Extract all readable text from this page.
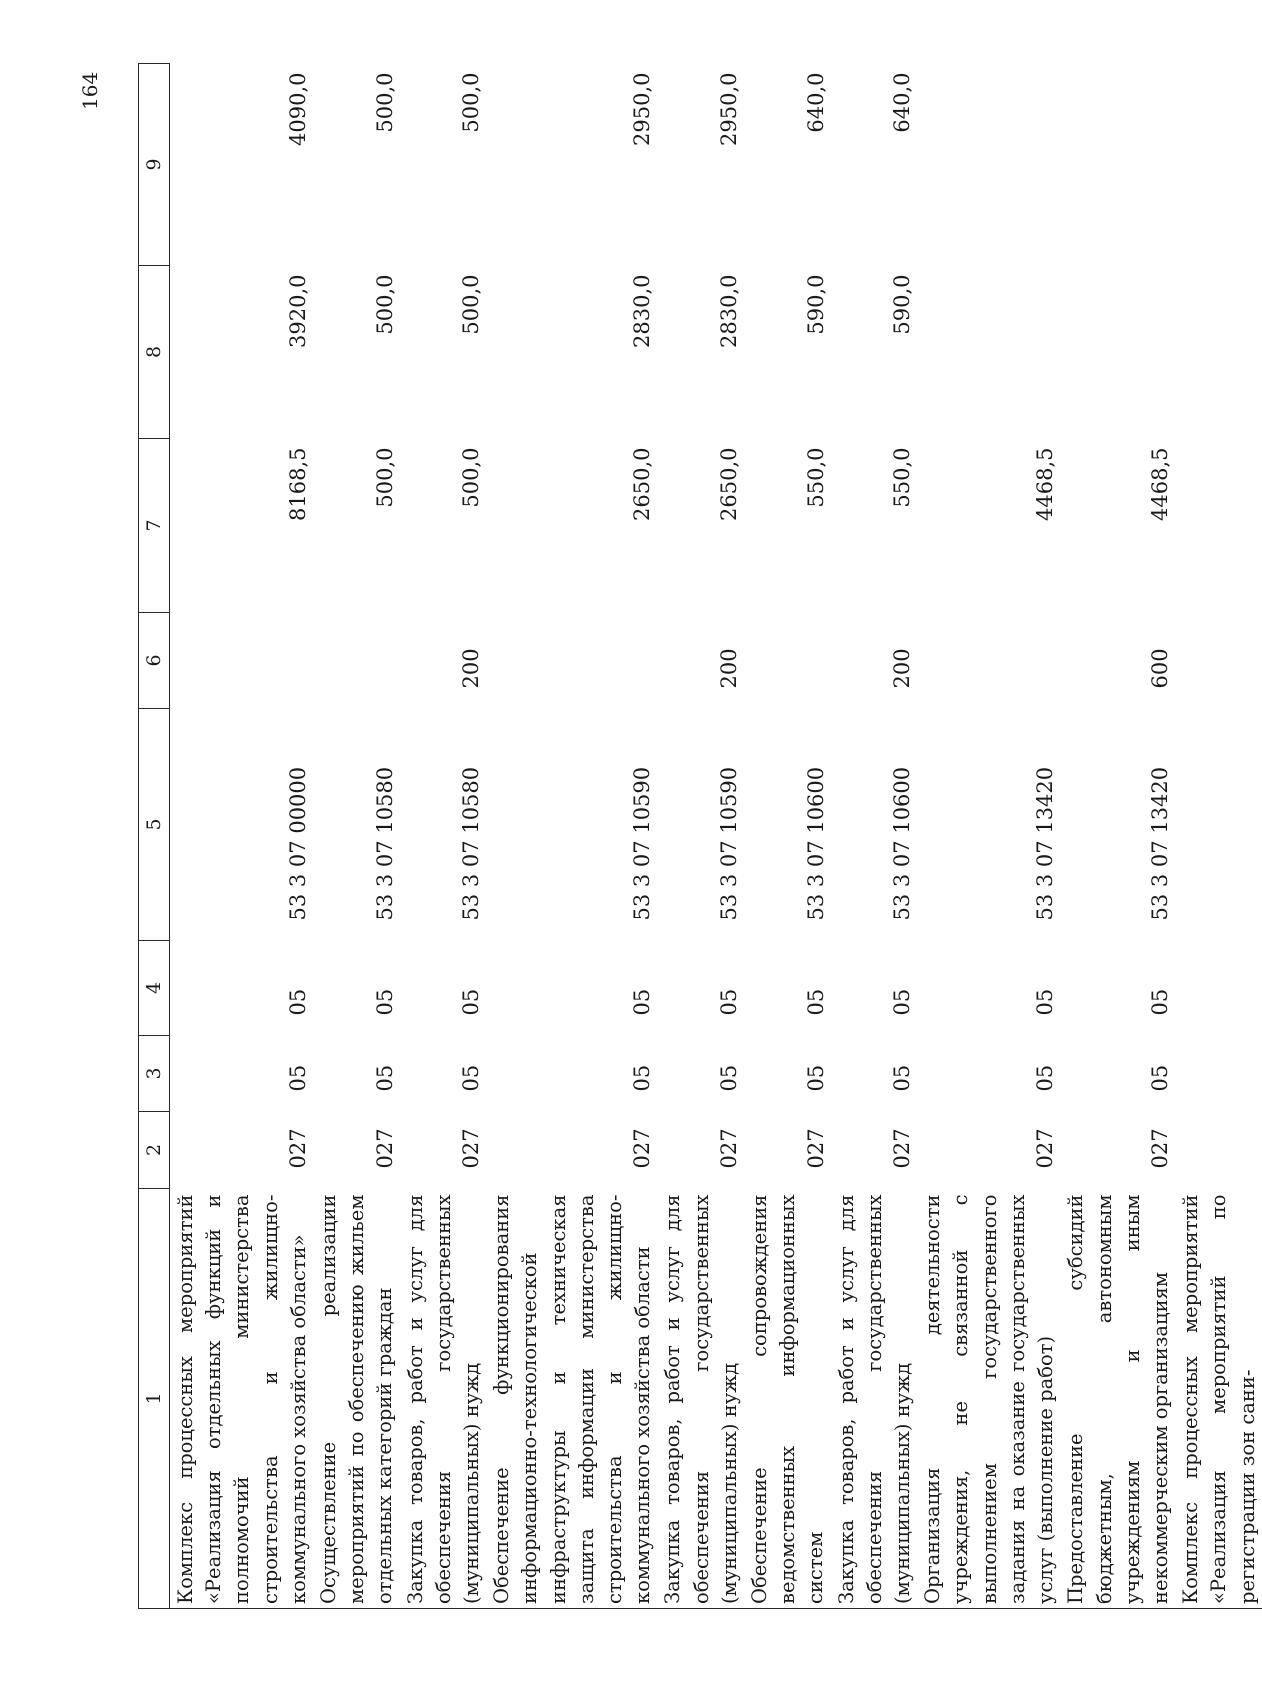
164
1	2	3	4	5	6	7	8	9
Комплекс процессных мероприятий «Реализация отдельных функций и полномочий министерства строительства и жилищно-коммунального хозяйства области»	027	05	05	53 3 07 00000		8168,5	3920,0	4090,0
Осуществление реализации мероприятий по обеспечению жильем отдельных категорий граждан	027	05	05	53 3 07 10580		500,0	500,0	500,0
Закупка товаров, работ и услуг для обеспечения государственных (муниципальных) нужд	027	05	05	53 3 07 10580	200	500,0	500,0	500,0
Обеспечение функционирования информационно-технологической инфраструктуры и техническая защита информации министерства строительства и жилищно-коммунального хозяйства области	027	05	05	53 3 07 10590		2650,0	2830,0	2950,0
Закупка товаров, работ и услуг для обеспечения государственных (муниципальных) нужд	027	05	05	53 3 07 10590	200	2650,0	2830,0	2950,0
Обеспечение сопровождения ведомственных информационных систем	027	05	05	53 3 07 10600		550,0	590,0	640,0
Закупка товаров, работ и услуг для обеспечения государственных (муниципальных) нужд	027	05	05	53 3 07 10600	200	550,0	590,0	640,0
Организация деятельности учреждения, не связанной с выполнением государственного задания на оказание государственных услуг (выполнение работ)	027	05	05	53 3 07 13420		4468,5		
Предоставление субсидий бюджетным, автономным учреждениям и иным некоммерческим организациям	027	05	05	53 3 07 13420	600	4468,5		
Комплекс процессных мероприятий «Реализация мероприятий по регистрации зон сани-								
